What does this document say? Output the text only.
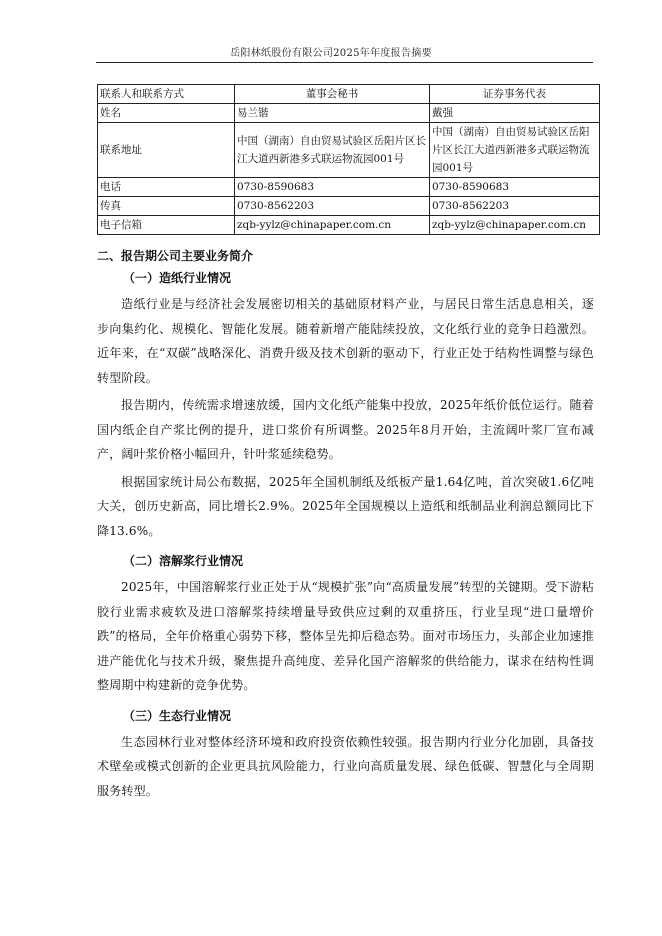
岳阳林纸股份有限公司2025年年度报告摘要
联系人和联系方式	董事会秘书	证券事务代表
姓名	易兰锴	戴强
联系地址	中国（湖南）自由贸易试验区岳阳片区长江大道西新港多式联运物流园001号	中国（湖南）自由贸易试验区岳阳片区长江大道西新港多式联运物流园001号
电话	0730-8590683	0730-8590683
传真	0730-8562203	0730-8562203
电子信箱	zqb-yylz@chinapaper.com.cn	zqb-yylz@chinapaper.com.cn

二、报告期公司主要业务简介

（一）造纸行业情况

造纸行业是与经济社会发展密切相关的基础原材料产业，与居民日常生活息息相关，逐步向集约化、规模化、智能化发展。随着新增产能陆续投放，文化纸行业的竞争日趋激烈。近年来，在“双碳”战略深化、消费升级及技术创新的驱动下，行业正处于结构性调整与绿色转型阶段。

报告期内，传统需求增速放缓，国内文化纸产能集中投放，2025年纸价低位运行。随着国内纸企自产浆比例的提升，进口浆价有所调整。2025年8月开始，主流阔叶浆厂宣布减产，阔叶浆价格小幅回升，针叶浆延续稳势。

根据国家统计局公布数据，2025年全国机制纸及纸板产量1.64亿吨，首次突破1.6亿吨大关，创历史新高，同比增长2.9%。2025年全国规模以上造纸和纸制品业利润总额同比下降13.6%。

（二）溶解浆行业情况

2025年，中国溶解浆行业正处于从“规模扩张”向“高质量发展”转型的关键期。受下游粘胶行业需求疲软及进口溶解浆持续增量导致供应过剩的双重挤压，行业呈现“进口量增价跌”的格局，全年价格重心弱势下移，整体呈先抑后稳态势。面对市场压力，头部企业加速推进产能优化与技术升级，聚焦提升高纯度、差异化国产溶解浆的供给能力，谋求在结构性调整周期中构建新的竞争优势。

（三）生态行业情况

生态园林行业对整体经济环境和政府投资依赖性较强。报告期内行业分化加剧，具备技术壁垒或模式创新的企业更具抗风险能力，行业向高质量发展、绿色低碳、智慧化与全周期服务转型。
